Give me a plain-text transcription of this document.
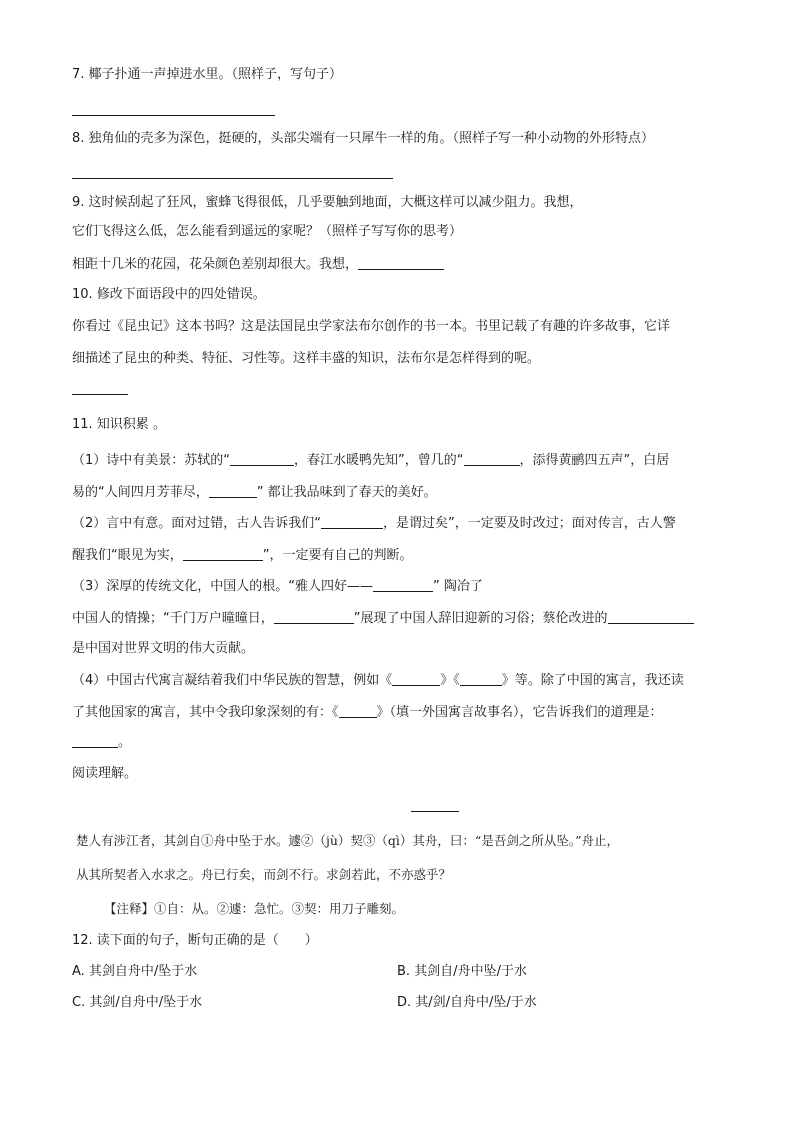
7. 椰子扑通一声掉进水里。（照样子，写句子）
8. 独角仙的壳多为深色，挺硬的，头部尖端有一只犀牛一样的角。（照样子写一种小动物的外形特点）
9. 这时候刮起了狂风，蜜蜂飞得很低，几乎要触到地面，大概这样可以减少阻力。我想，
它们飞得这么低，怎么能看到遥远的家呢？（照样子写写你的思考）
相距十几米的花园，花朵颜色差别却很大。我想，
10. 修改下面语段中的四处错误。
你看过《昆虫记》这本书吗？这是法国昆虫学家法布尔创作的书一本。书里记载了有趣的许多故事，它详
细描述了昆虫的种类、特征、习性等。这样丰盛的知识，法布尔是怎样得到的呢。
11. 知识积累 。
（1）诗中有美景：苏轼的“	，春江水暖鸭先知”，曾几的“	，添得黄鹂四五声”，白居
易的“人间四月芳菲尽，	” 都让我品味到了春天的美好。
（2）言中有意。面对过错，古人告诉我们“	，是谓过矣”，一定要及时改过；面对传言，古人警
醒我们“眼见为实，	”，一定要有自己的判断。
（3）深厚的传统文化，中国人的根。“雅人四好——	” 陶冶了
中国人的情操；“千门万户曈曈日，	”展现了中国人辞旧迎新的习俗；蔡伦改进的
是中国对世界文明的伟大贡献。
（4）中国古代寓言凝结着我们中华民族的智慧，例如《	》《	》等。除了中国的寓言，我还读
了其他国家的寓言，其中令我印象深刻的有：《	》（填一外国寓言故事名），它告诉我们的道理是：
。
阅读理解。
楚人有涉江者，其剑自①舟中坠于水。遽②（jù）契③（qì）其舟，曰：“是吾剑之所从坠。”舟止，
从其所契者入水求之。舟已行矣，而剑不行。求剑若此，不亦惑乎？
【注释】①自：从。②遽：急忙。③契：用刀子雕刻。
12. 读下面的句子，断句正确的是（　　）
A. 其剑自舟中/坠于水	B. 其剑自/舟中坠/于水
C. 其剑/自舟中/坠于水	D. 其/剑/自舟中/坠/于水
